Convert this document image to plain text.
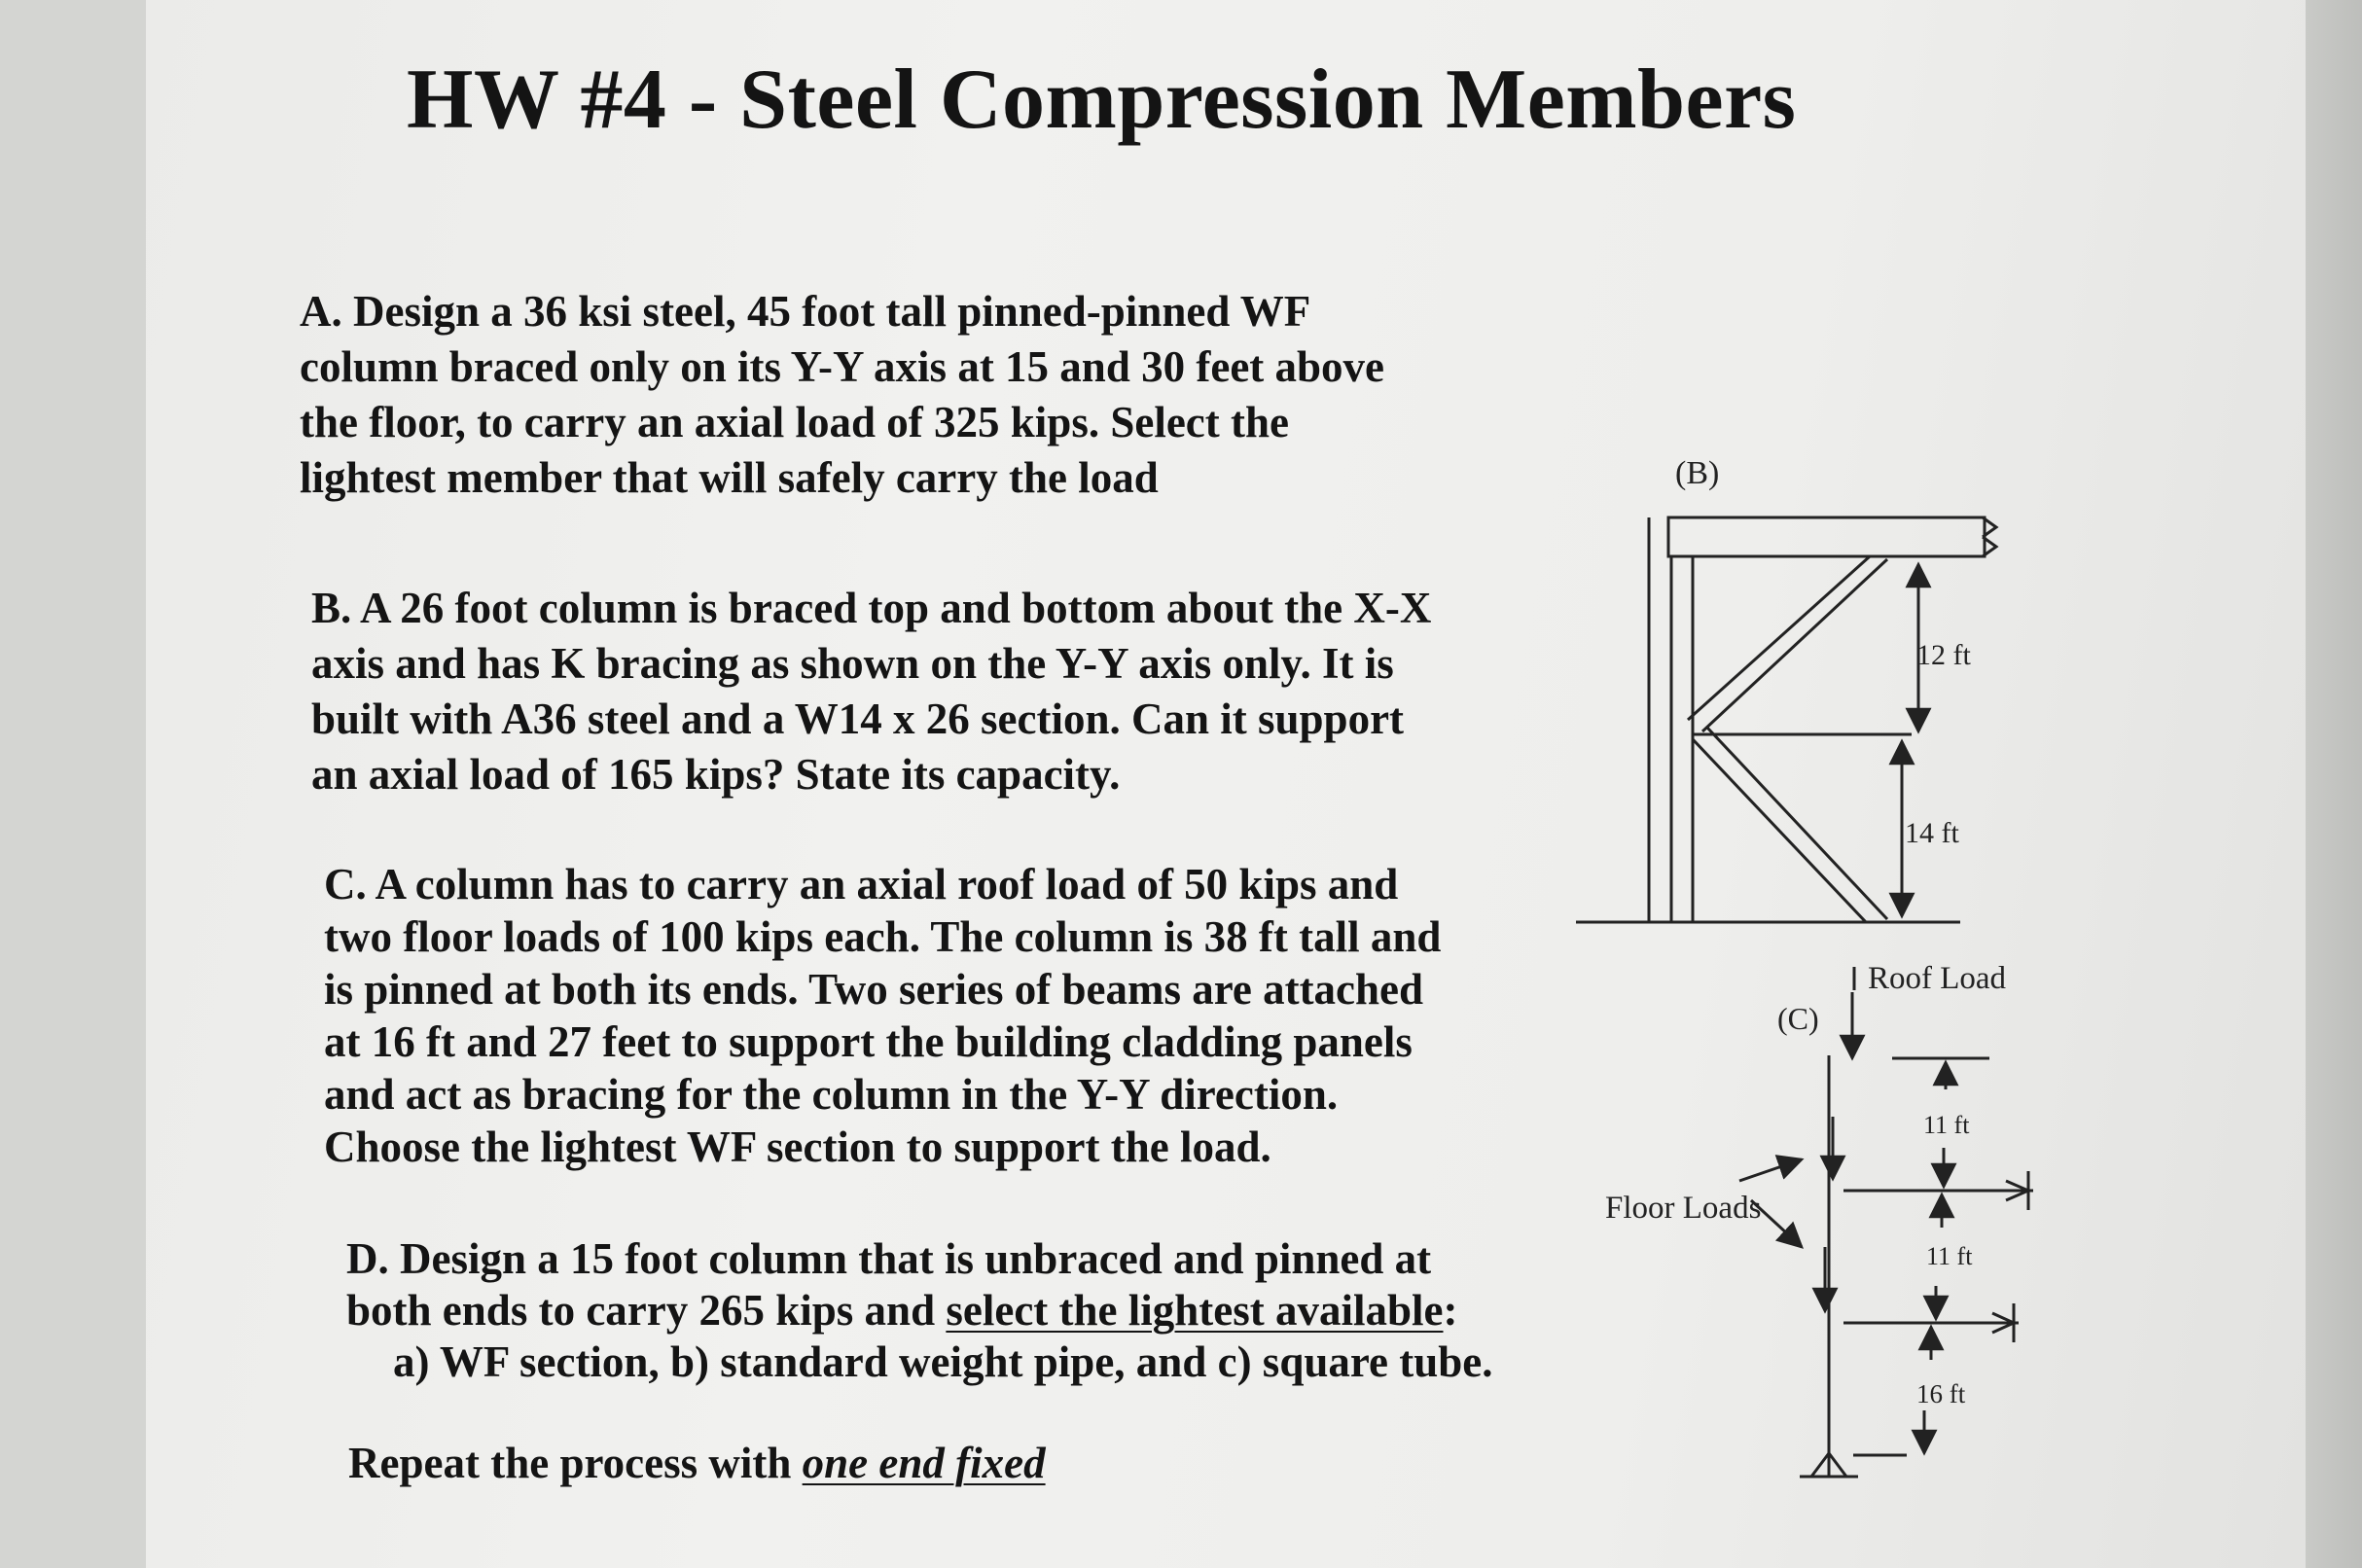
HW #4 - Steel Compression Members

A. Design a 36 ksi steel, 45 foot tall pinned-pinned WF

column braced only on its Y-Y axis at 15 and 30 feet above

the floor, to carry an axial load of 325 kips. Select the

lightest member that will safely carry the load

B. A 26 foot column is braced top and bottom about the X-X

axis and has K bracing as shown on the Y-Y axis only. It is

built with A36 steel and a W14 x 26 section. Can it support

an axial load of 165 kips? State its capacity.

C. A column has to carry an axial roof load of 50 kips and

two floor loads of 100 kips each. The column is 38 ft tall and

is pinned at both its ends. Two series of beams are attached

at 16 ft and 27 feet to support the building cladding panels

and act as bracing for the column in the Y-Y direction.

Choose the lightest WF section to support the load.

D. Design a 15 foot column that is unbraced and pinned at

both ends to carry 265 kips and select the lightest available:

a) WF section, b) standard weight pipe, and c) square tube.

Repeat the process with one end fixed

(B)
12 ft
14 ft
(C)
Roof Load
Floor Loads
11 ft
11 ft
16 ft
